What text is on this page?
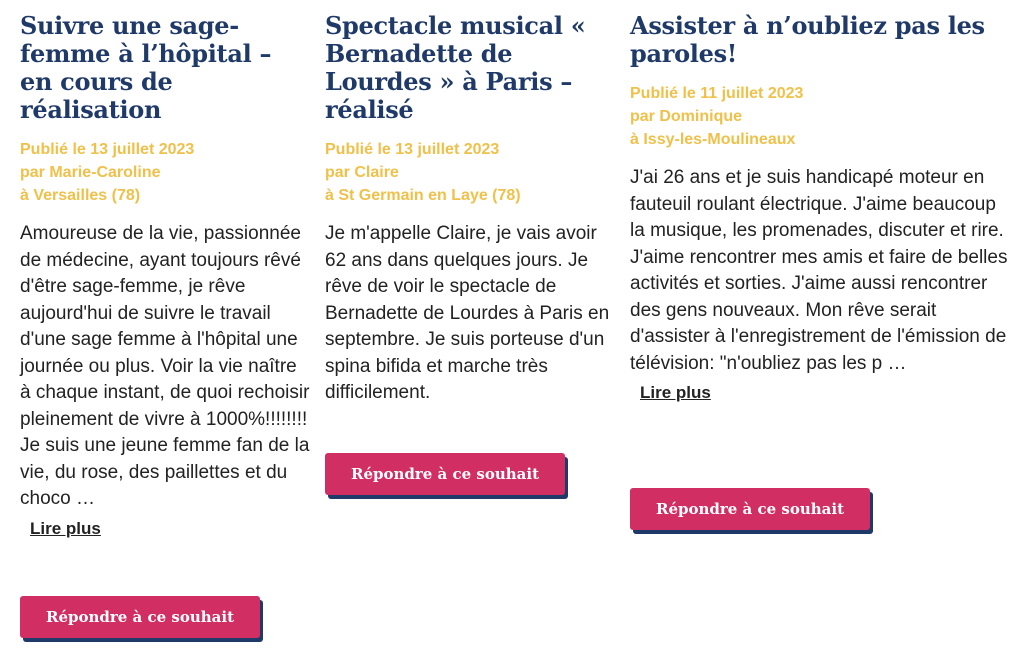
Suivre une sage-femme à l’hôpital – en cours de réalisation
Publié le 13 juillet 2023
par Marie-Caroline
à Versailles (78)
Amoureuse de la vie, passionnée de médecine, ayant toujours rêvé d'être sage-femme, je rêve aujourd'hui de suivre le travail d'une sage femme à l'hôpital une journée ou plus. Voir la vie naître à chaque instant, de quoi rechoisir pleinement de vivre à 1000%!!!!!!!! Je suis une jeune femme fan de la vie, du rose, des paillettes et du choco …
Lire plus
Répondre à ce souhait
Spectacle musical « Bernadette de Lourdes » à Paris – réalisé
Publié le 13 juillet 2023
par Claire
à St Germain en Laye (78)
Je m'appelle Claire, je vais avoir 62 ans dans quelques jours. Je rêve de voir le spectacle de Bernadette de Lourdes à Paris en septembre. Je suis porteuse d'un spina bifida et marche très difficilement.
Répondre à ce souhait
Assister à n’oubliez pas les paroles!
Publié le 11 juillet 2023
par Dominique
à Issy-les-Moulineaux
J'ai 26 ans et je suis handicapé moteur en fauteuil roulant électrique. J'aime beaucoup la musique, les promenades, discuter et rire. J'aime rencontrer mes amis et faire de belles activités et sorties. J'aime aussi rencontrer des gens nouveaux. Mon rêve serait d'assister à l'enregistrement de l'émission de télévision: "n'oubliez pas les p …
Lire plus
Répondre à ce souhait
